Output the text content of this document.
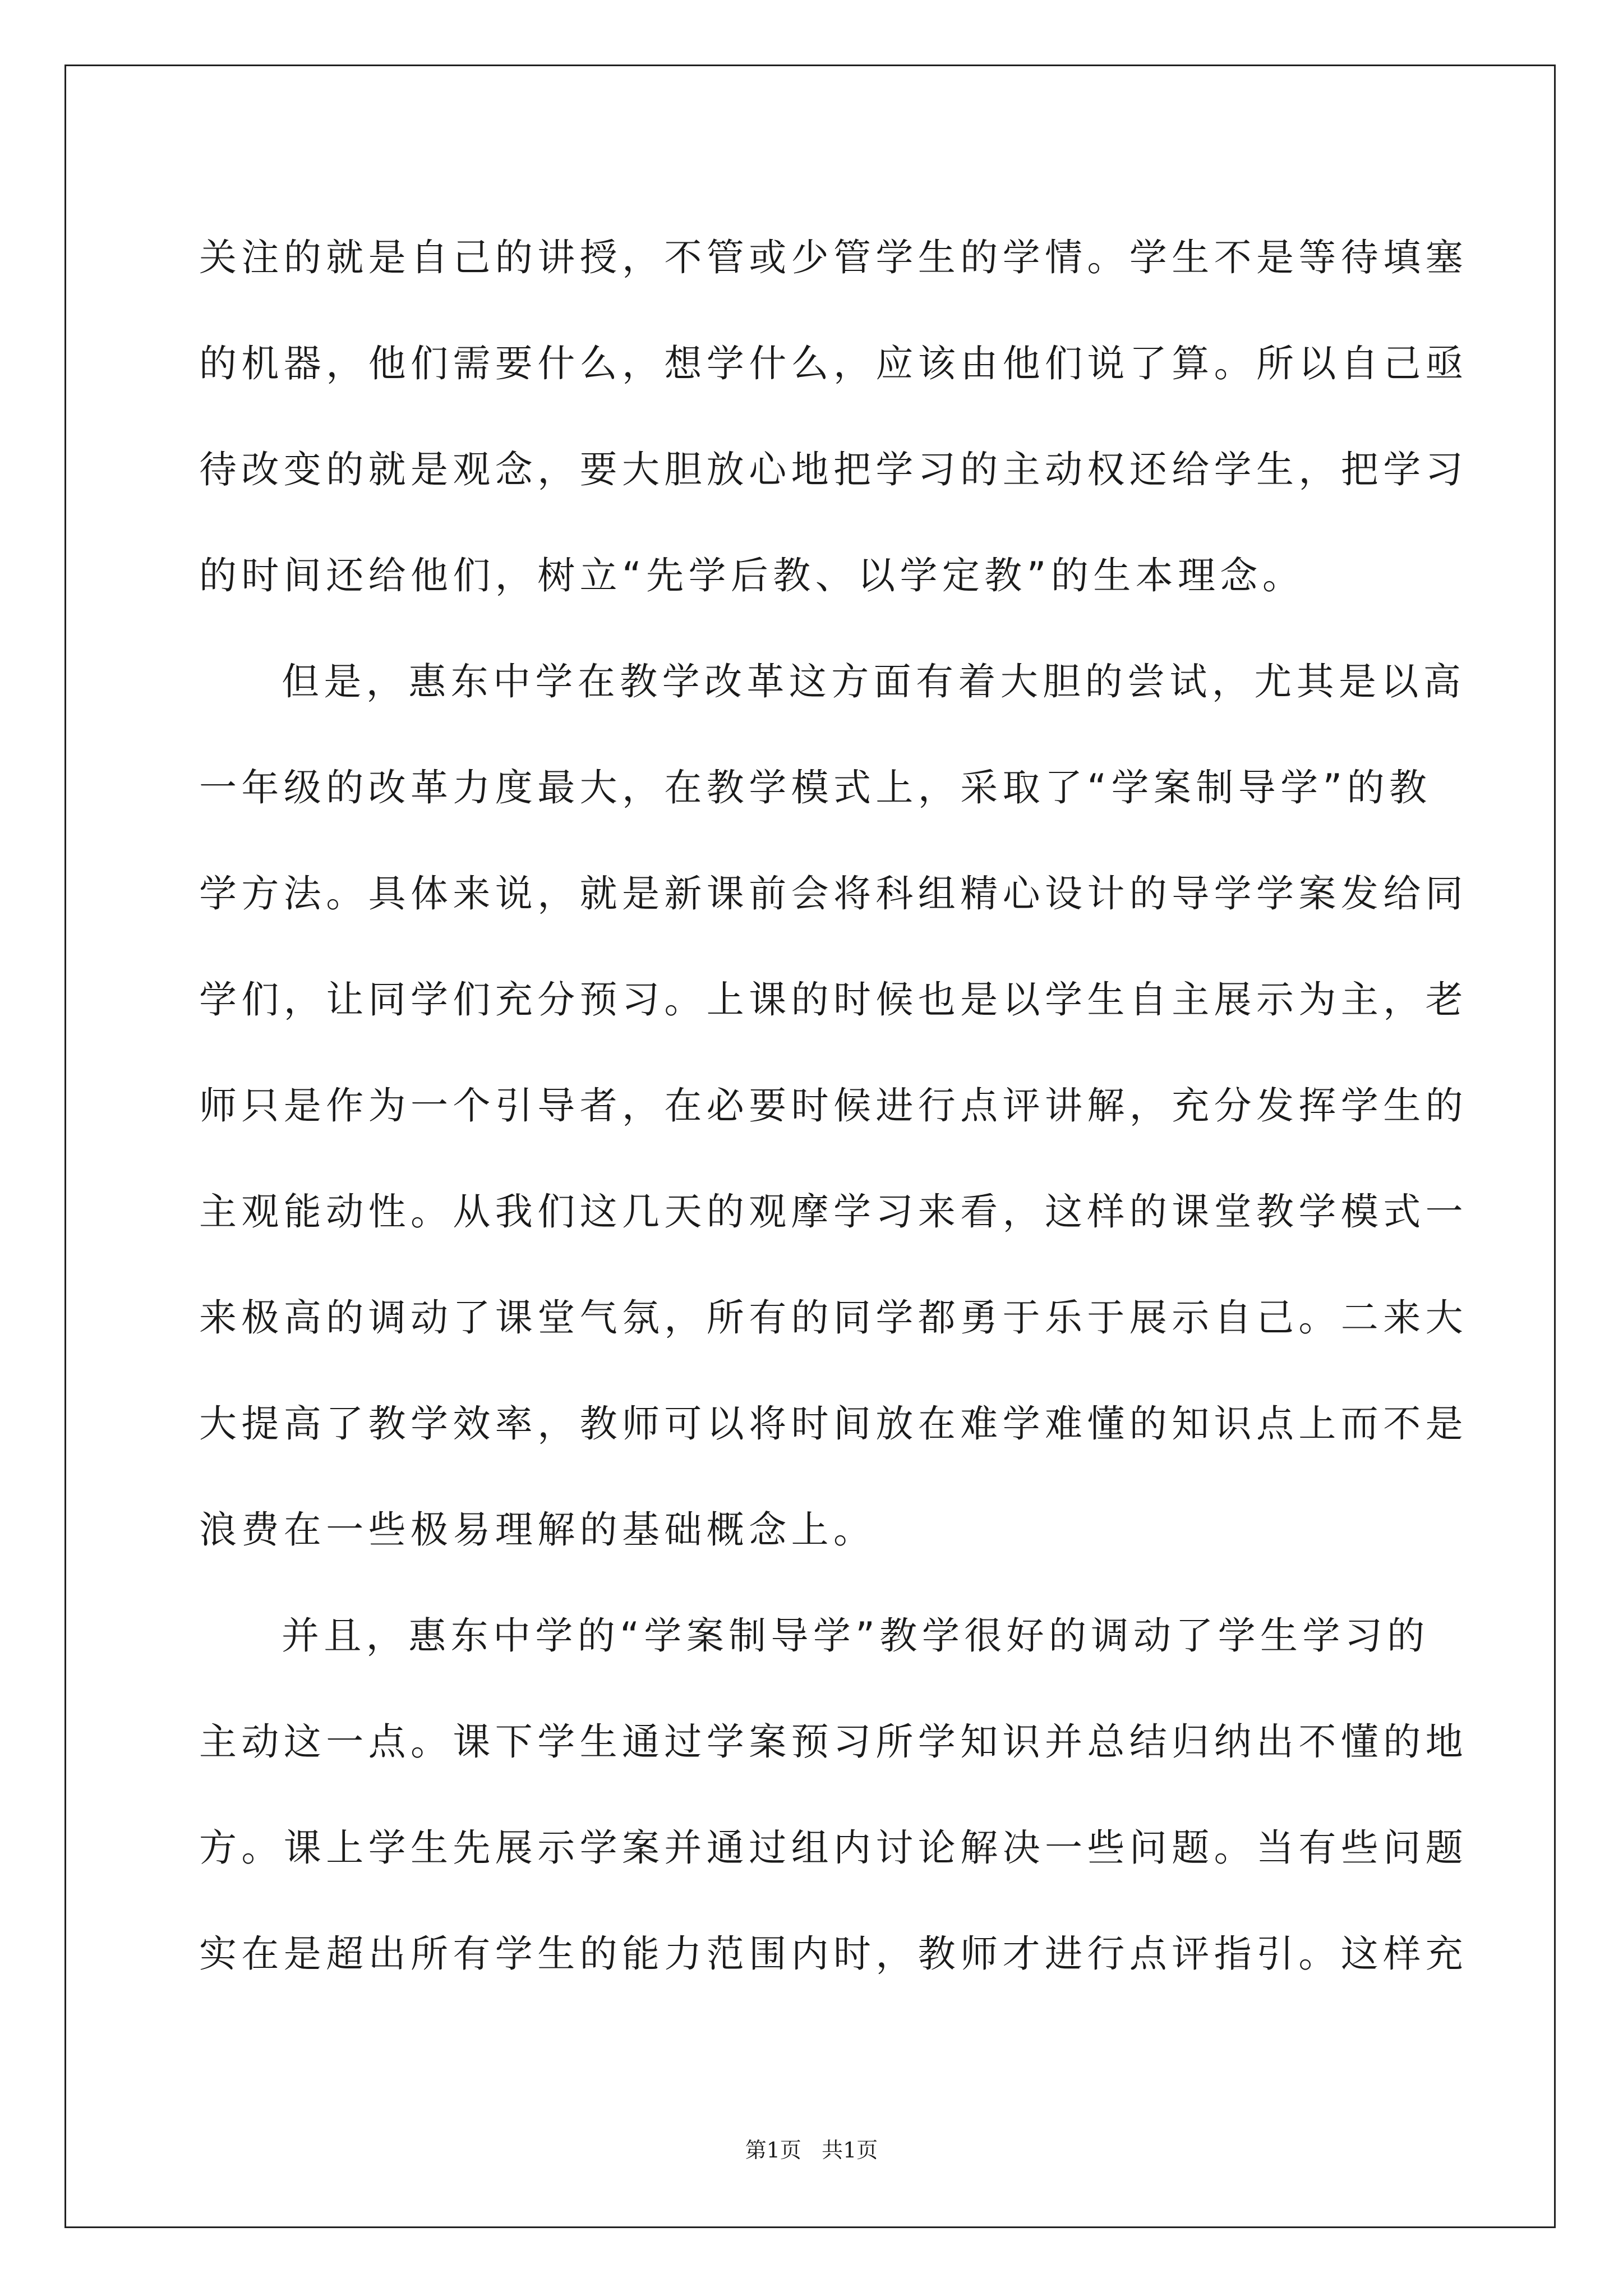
关注的就是自己的讲授，不管或少管学生的学情。学生不是等待填塞
的机器，他们需要什么，想学什么，应该由他们说了算。所以自己亟
待改变的就是观念，要大胆放心地把学习的主动权还给学生，把学习
的时间还给他们，树立“先学后教、以学定教”的生本理念。
但是，惠东中学在教学改革这方面有着大胆的尝试，尤其是以高
一年级的改革力度最大，在教学模式上，采取了“学案制导学”的教
学方法。具体来说，就是新课前会将科组精心设计的导学学案发给同
学们，让同学们充分预习。上课的时候也是以学生自主展示为主，老
师只是作为一个引导者，在必要时候进行点评讲解，充分发挥学生的
主观能动性。从我们这几天的观摩学习来看，这样的课堂教学模式一
来极高的调动了课堂气氛，所有的同学都勇于乐于展示自己。二来大
大提高了教学效率，教师可以将时间放在难学难懂的知识点上而不是
浪费在一些极易理解的基础概念上。
并且，惠东中学的“学案制导学”教学很好的调动了学生学习的
主动这一点。课下学生通过学案预习所学知识并总结归纳出不懂的地
方。课上学生先展示学案并通过组内讨论解决一些问题。当有些问题
实在是超出所有学生的能力范围内时，教师才进行点评指引。这样充
第1页   共1页
